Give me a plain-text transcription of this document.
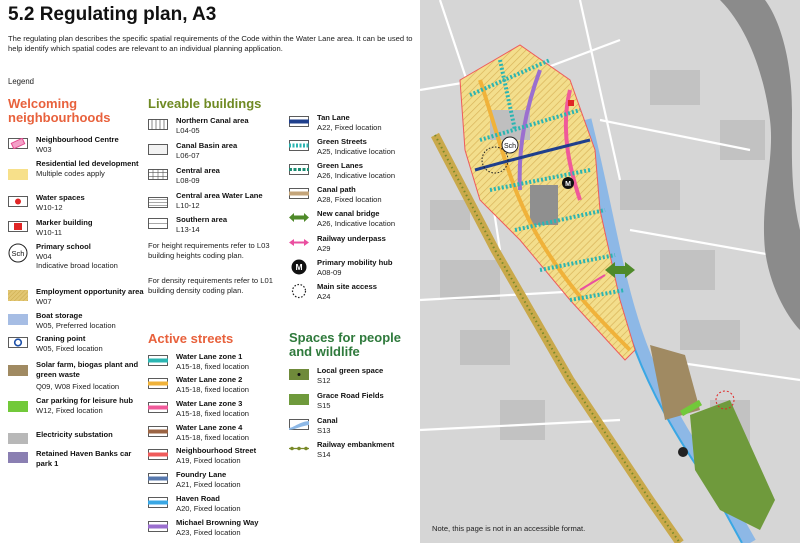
5.2 Regulating plan, A3
The regulating plan describes the specific spatial requirements of the Code within the Water Lane area. It can be used to help identify which spatial codes are relevant to an individual planning application.
Legend
Welcoming neighbourhoods
Neighbourhood Centre
W03
Residential led development
Multiple codes apply
Water spaces
W10-12
Marker building
W10-11
Sch
Primary school
W04
Indicative broad location
Employment opportunity area
W07
Boat storage
W05, Preferred location
Craning point
W05, Fixed location
Solar farm, biogas plant and green waste
Q09, W08 Fixed location
Car parking for leisure hub
W12, Fixed location
Electricity substation
Retained Haven Banks car park 1
Liveable buildings
Northern Canal area
L04-05
Canal Basin area
L06-07
Central area
L08-09
Central area Water Lane
L10-12
Southern area
L13-14
For height requirements refer to L03 building heights coding plan.
For density requirements refer to L01 building density coding plan.
Active streets
Water Lane zone 1
A15-18, fixed location
Water Lane zone 2
A15-18, fixed location
Water Lane zone 3
A15-18, fixed location
Water Lane zone 4
A15-18, fixed location
Neighbourhood Street
A19, Fixed location
Foundry Lane
A21, Fixed location
Haven Road
A20, Fixed location
Michael Browning Way
A23, Fixed location
Tan Lane
A22, Fixed location
Green Streets
A25, Indicative location
Green Lanes
A26, Indicative location
Canal path
A28, Fixed location
New canal bridge
A26, Indicative location
Railway underpass
A29
M Primary mobility hub
A08-09
Main site access
A24
Spaces for people and wildlife
Local green space
S12
Grace Road Fields
S15
Canal
S13
Railway embankment
S14
Sch
M
Note, this page is not in an accessible format.
